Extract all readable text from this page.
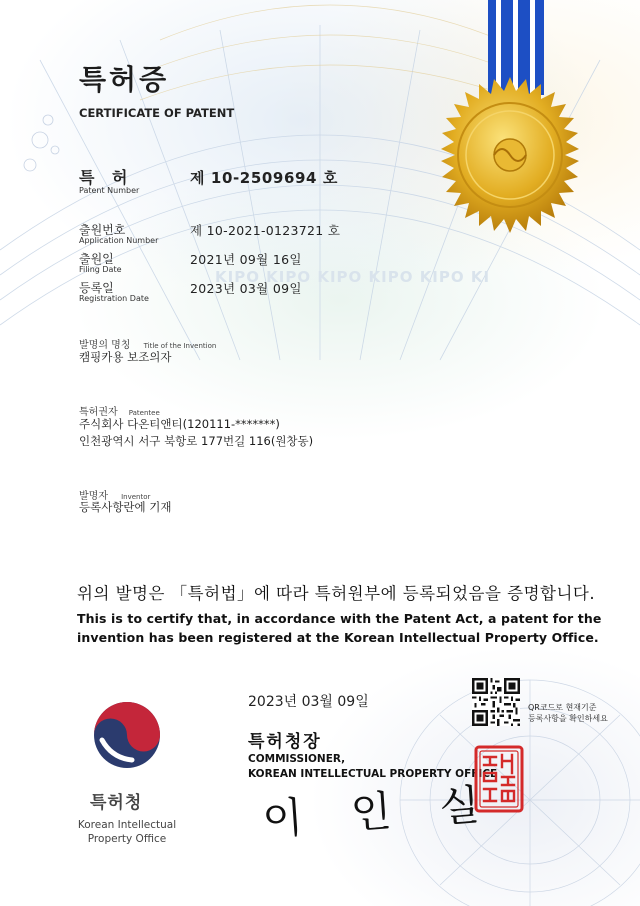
특허증
CERTIFICATE OF PATENT
특 허
Patent Number
제 10-2509694 호
출원번호
Application Number
제 10-2021-0123721 호
출원일
Filing Date
2021년 09월 16일
등록일
Registration Date
2023년 03월 09일
KIPO KIPO KIPO KIPO KIPO KI
발명의 명칭 Title of the Invention
캠핑카용 보조의자
특허권자 Patentee
주식회사 다온티앤티(120111-*******)
인천광역시 서구 북항로 177번길 116(원창동)
발명자 Inventor
등록사항란에 기재
위의 발명은 「특허법」에 따라 특허원부에 등록되었음을 증명합니다.
This is to certify that, in accordance with the Patent Act, a patent for the
invention has been registered at the Korean Intellectual Property Office.
2023년 03월 09일
특허청장
COMMISSIONER,
KOREAN INTELLECTUAL PROPERTY OFFICE
이인실
QR코드로 현재기준
등록사항을 확인하세요
특허청
Korean Intellectual
Property Office
